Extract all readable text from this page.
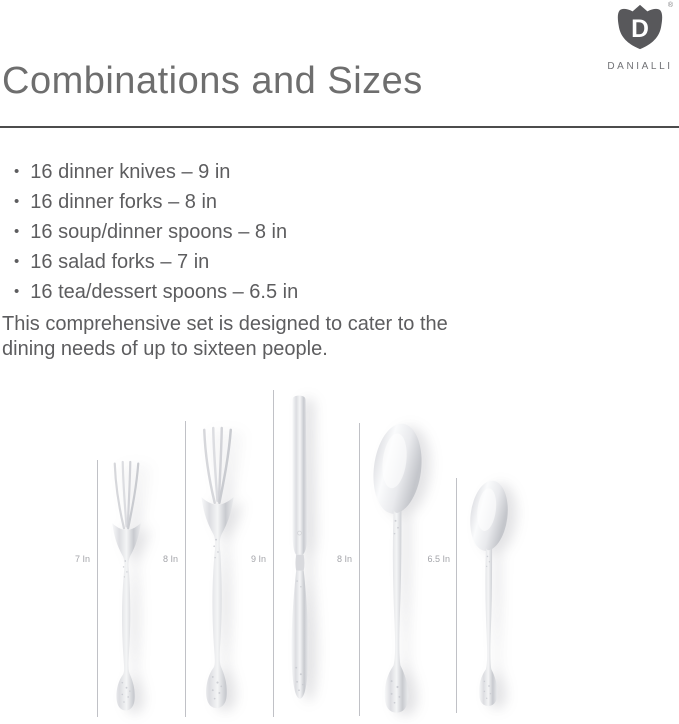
D
®
DANIALLI
Combinations and Sizes
• 16 dinner knives – 9 in
• 16 dinner forks – 8 in
• 16 soup/dinner spoons – 8 in
• 16 salad forks – 7 in
• 16 tea/dessert spoons – 6.5 in

This comprehensive set is designed to cater to the
dining needs of up to sixteen people.

7 In	8 In	9 In	8 In	6.5 In
